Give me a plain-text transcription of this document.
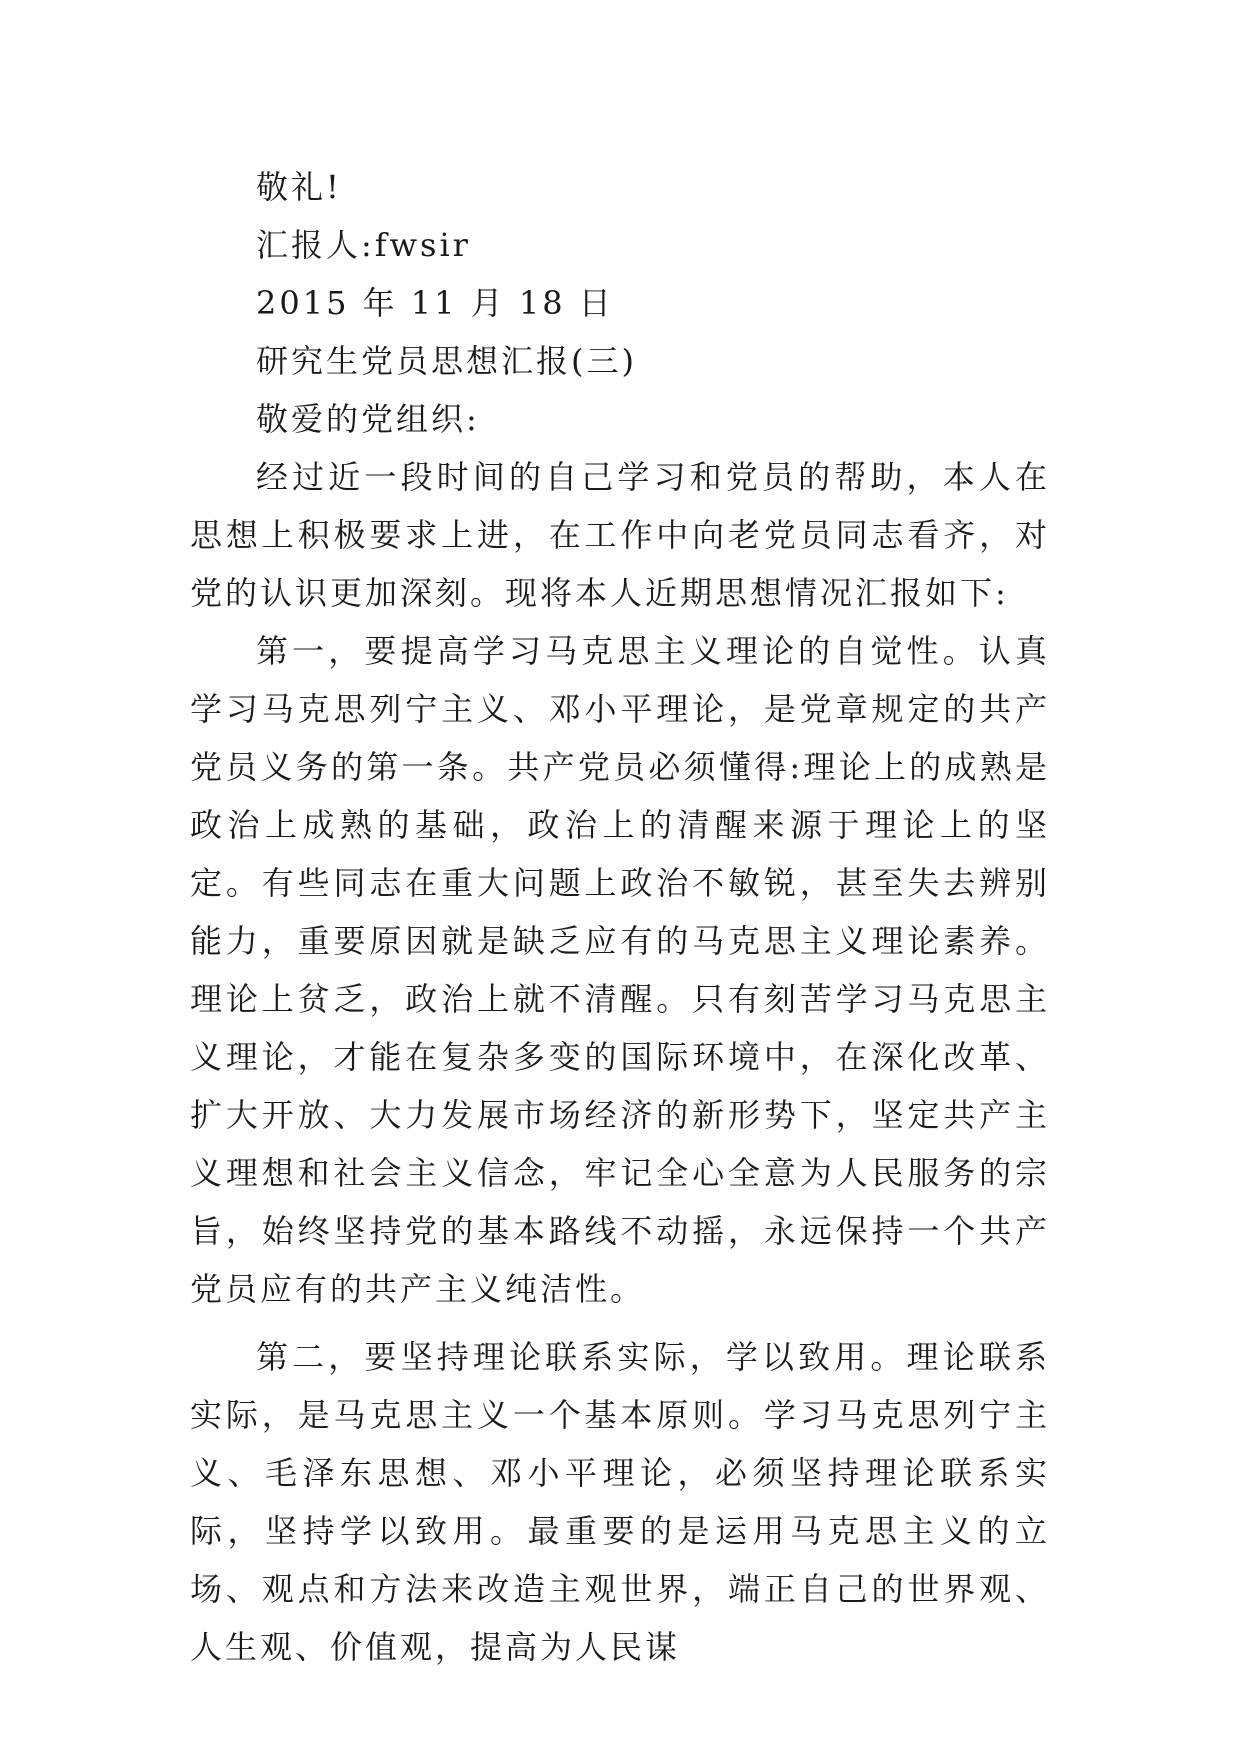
敬礼!

汇报人:fwsir

2015 年 11 月 18 日

研究生党员思想汇报(三)

敬爱的党组织:

经过近一段时间的自己学习和党员的帮助，本人在思想上积极要求上进，在工作中向老党员同志看齐，对党的认识更加深刻。现将本人近期思想情况汇报如下:

第一，要提高学习马克思主义理论的自觉性。认真学习马克思列宁主义、邓小平理论，是党章规定的共产党员义务的第一条。共产党员必须懂得:理论上的成熟是政治上成熟的基础，政治上的清醒来源于理论上的坚定。有些同志在重大问题上政治不敏锐，甚至失去辨别能力，重要原因就是缺乏应有的马克思主义理论素养。理论上贫乏，政治上就不清醒。只有刻苦学习马克思主义理论，才能在复杂多变的国际环境中，在深化改革、扩大开放、大力发展市场经济的新形势下，坚定共产主义理想和社会主义信念，牢记全心全意为人民服务的宗旨，始终坚持党的基本路线不动摇，永远保持一个共产党员应有的共产主义纯洁性。

第二，要坚持理论联系实际，学以致用。理论联系实际，是马克思主义一个基本原则。学习马克思列宁主义、毛泽东思想、邓小平理论，必须坚持理论联系实际，坚持学以致用。最重要的是运用马克思主义的立场、观点和方法来改造主观世界，端正自己的世界观、人生观、价值观，提高为人民谋
